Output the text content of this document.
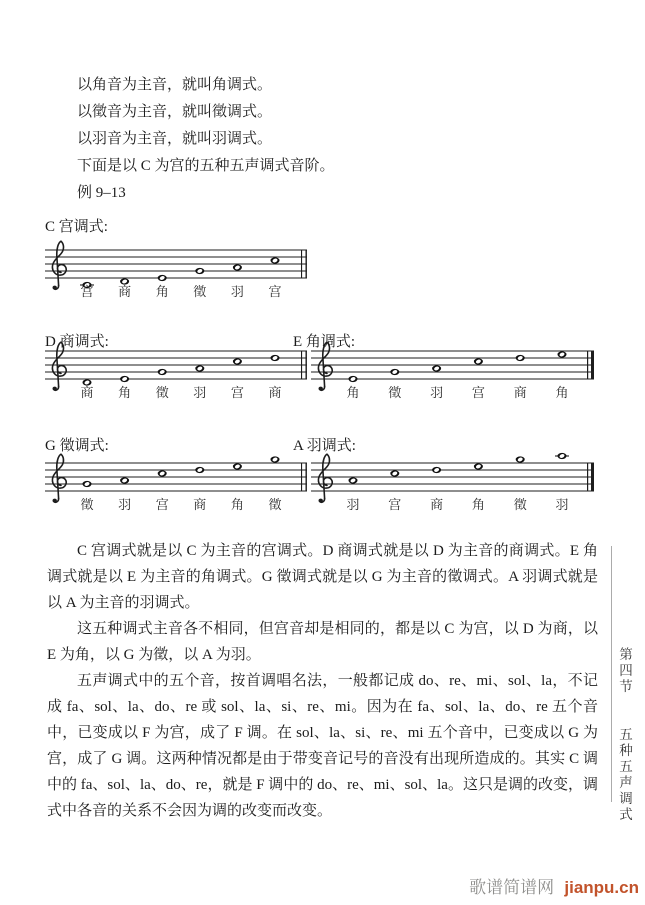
以角音为主音，就叫角调式。
以徵音为主音，就叫徵调式。
以羽音为主音，就叫羽调式。
下面是以 C 为宫的五种五声调式音阶。
例 9–13
C 宫调式:
宫 商 角 徵 羽 宫
D 商调式:
商 角 徵 羽 宫 商
E 角调式:
角 徵 羽 宫 商 角
G 徵调式:
徵 羽 宫 商 角 徵
A 羽调式:
羽 宫 商 角 徵 羽

C 宫调式就是以 C 为主音的宫调式。D 商调式就是以 D 为主音的商调式。E 角调式就是以 E 为主音的角调式。G 徵调式就是以 G 为主音的徵调式。A 羽调式就是以 A 为主音的羽调式。

这五种调式主音各不相同，但宫音却是相同的，都是以 C 为宫，以 D 为商，以 E 为角，以 G 为徵，以 A 为羽。

五声调式中的五个音，按首调唱名法，一般都记成 do、re、mi、sol、la，不记成 fa、sol、la、do、re 或 sol、la、si、re、mi。因为在 fa、sol、la、do、re 五个音中，已变成以 F 为宫，成了 F 调。在 sol、la、si、re、mi 五个音中，已变成以 G 为宫，成了 G 调。这两种情况都是由于带变音记号的音没有出现所造成的。其实 C 调中的 fa、sol、la、do、re，就是 F 调中的 do、re、mi、sol、la。这只是调的改变，调式中各音的关系不会因为调的改变而改变。

第四节 五种五声调式
歌谱简谱网 jianpu.cn
